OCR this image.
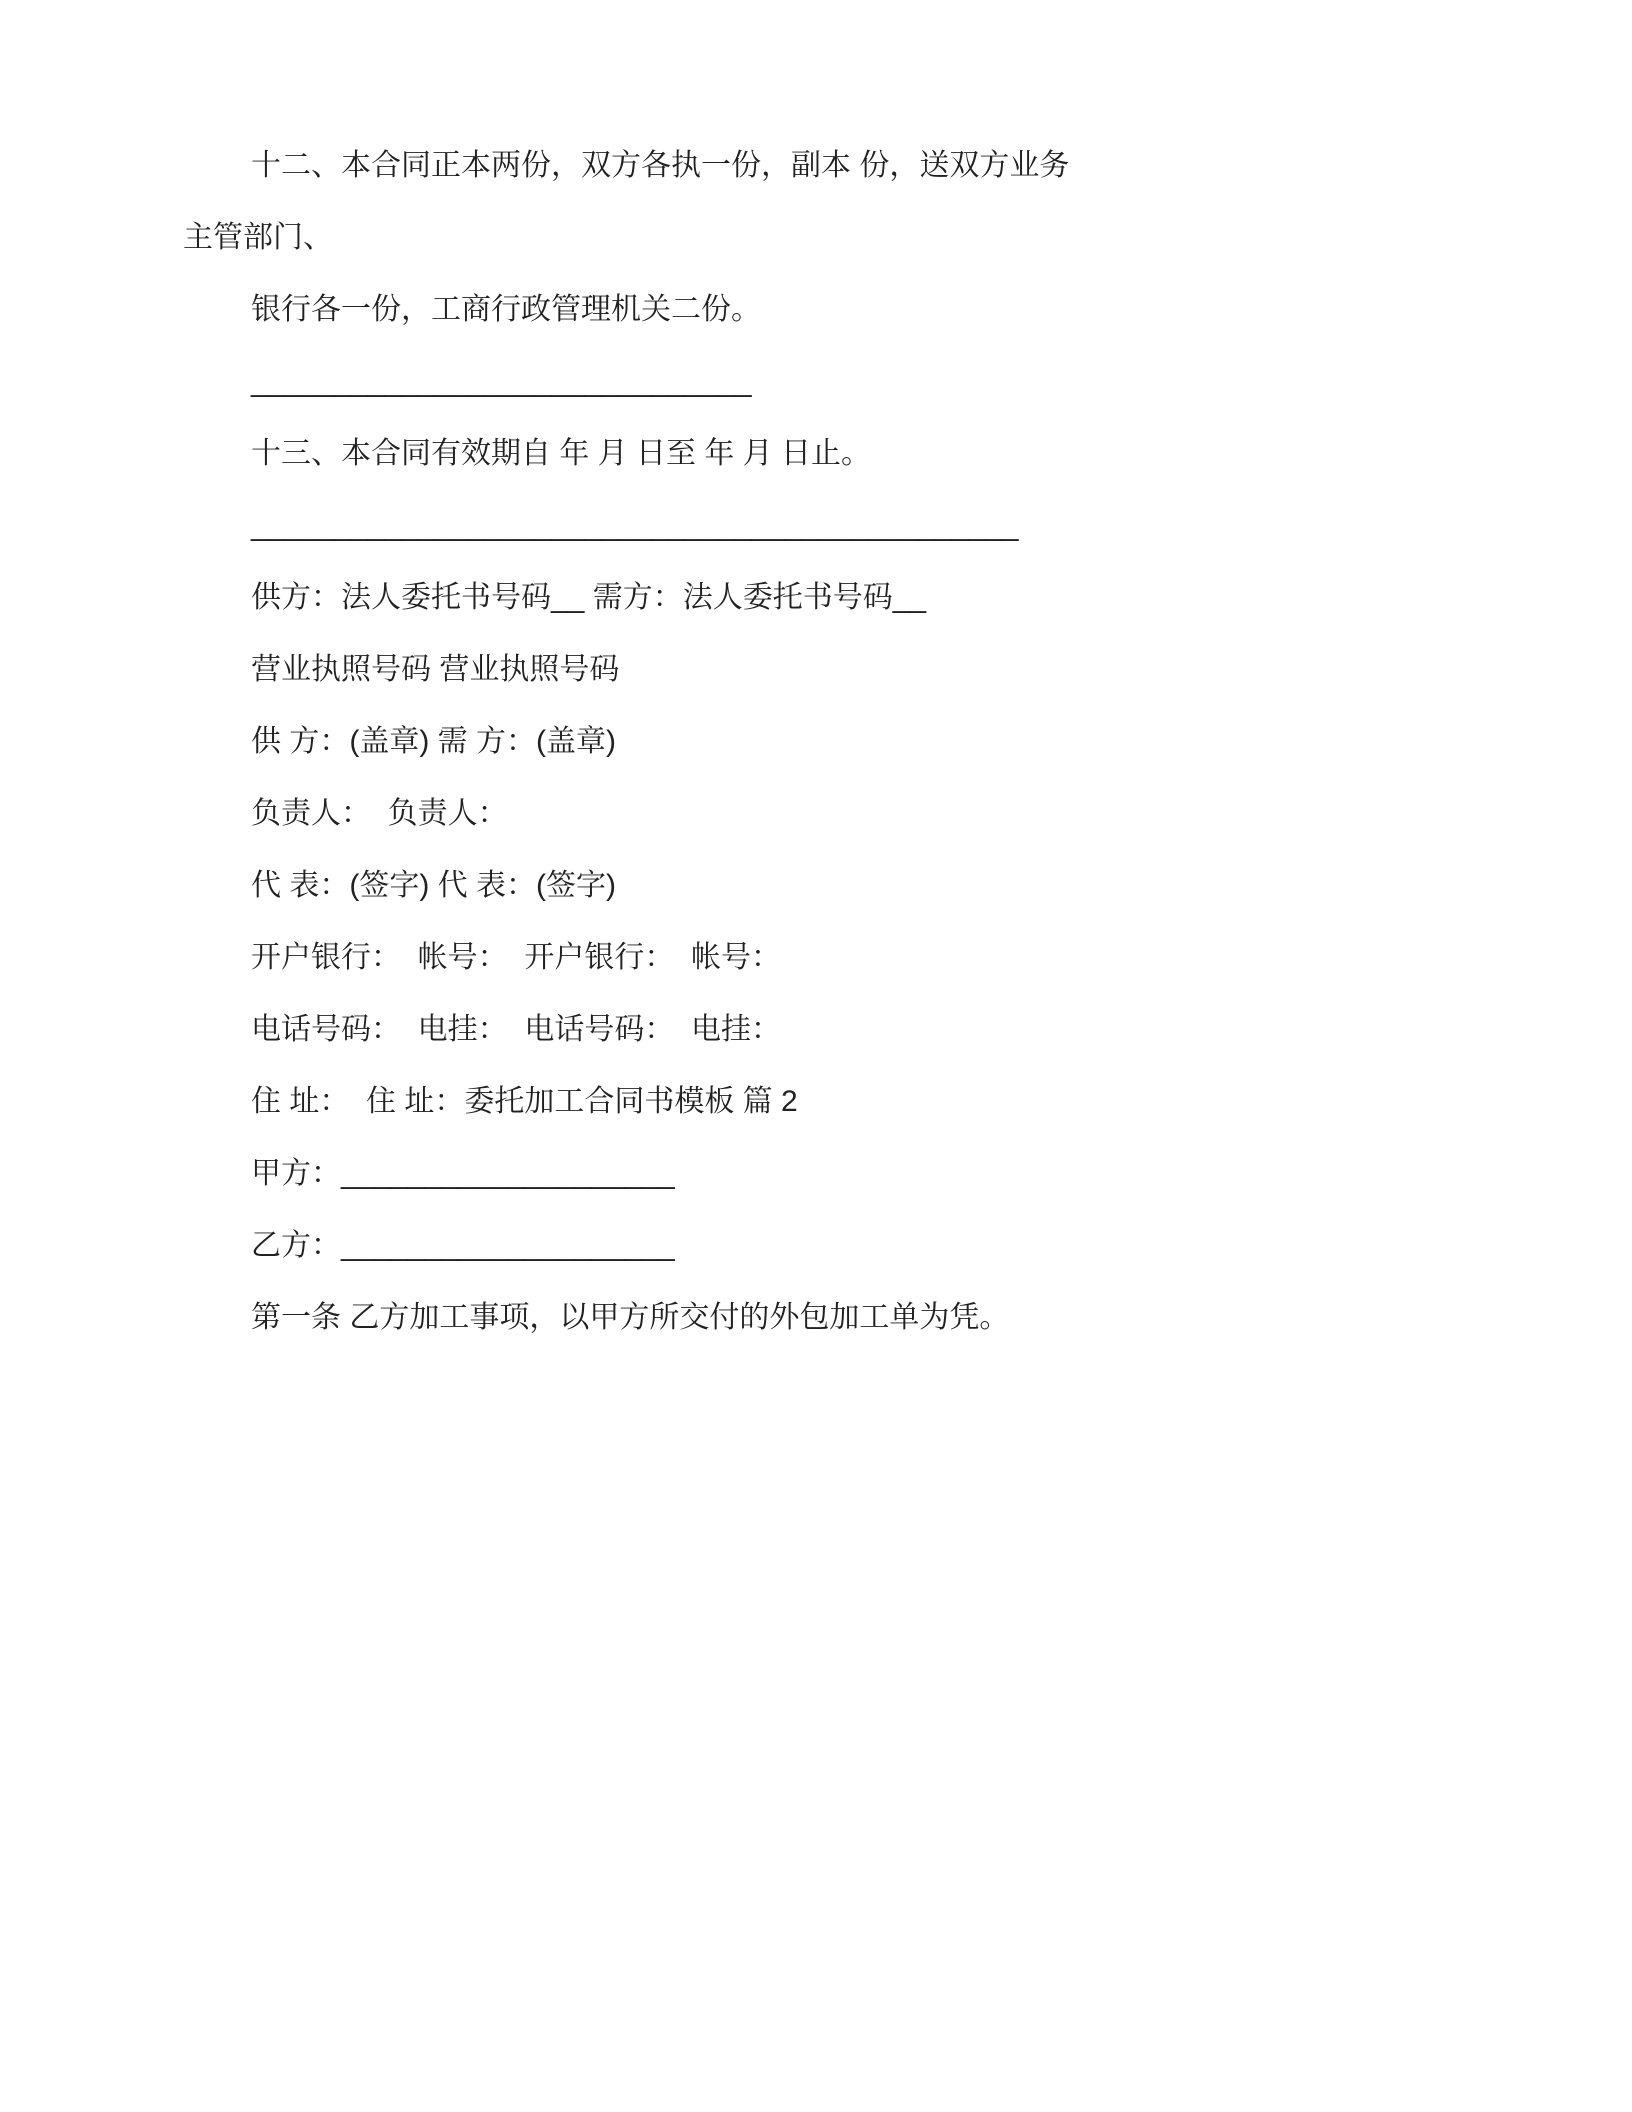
十二、本合同正本两份，双方各执一份，副本 份，送双方业务
主管部门、
银行各一份，工商行政管理机关二份。
______________________________
十三、本合同有效期自 年 月 日至 年 月 日止。
______________________________________________
供方：法人委托书号码__ 需方：法人委托书号码__
营业执照号码 营业执照号码
供 方：(盖章) 需 方：(盖章)
负责人：  负责人：
代 表：(签字) 代 表：(签字)
开户银行：  帐号：  开户银行：  帐号：
电话号码：  电挂：  电话号码：  电挂：
住 址：  住 址：委托加工合同书模板 篇 2
甲方：____________________
乙方：____________________
第一条 乙方加工事项，以甲方所交付的外包加工单为凭。
